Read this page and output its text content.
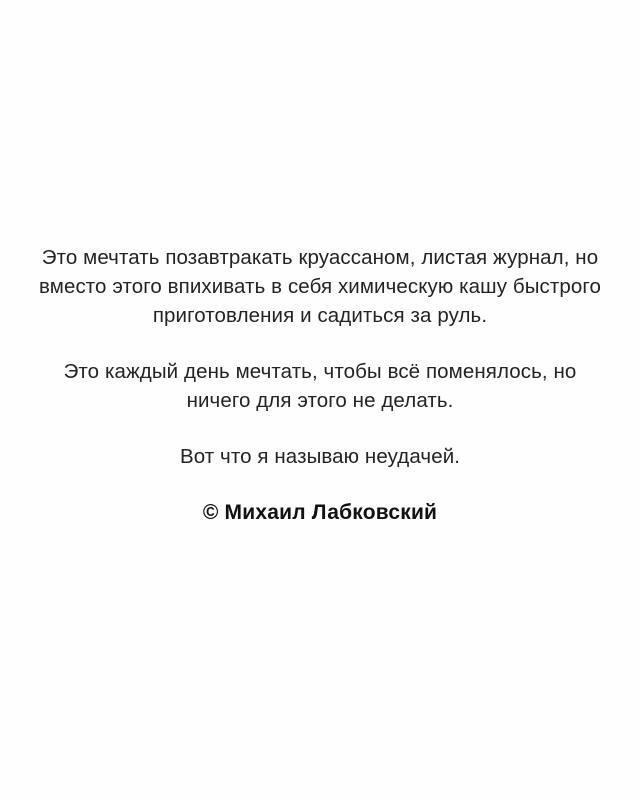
Это мечтать позавтракать круассаном, листая журнал, но вместо этого впихивать в себя химическую кашу быстрого приготовления и садиться за руль.

Это каждый день мечтать, чтобы всё поменялось, но ничего для этого не делать.

Вот что я называю неудачей.

© Михаил Лабковский
